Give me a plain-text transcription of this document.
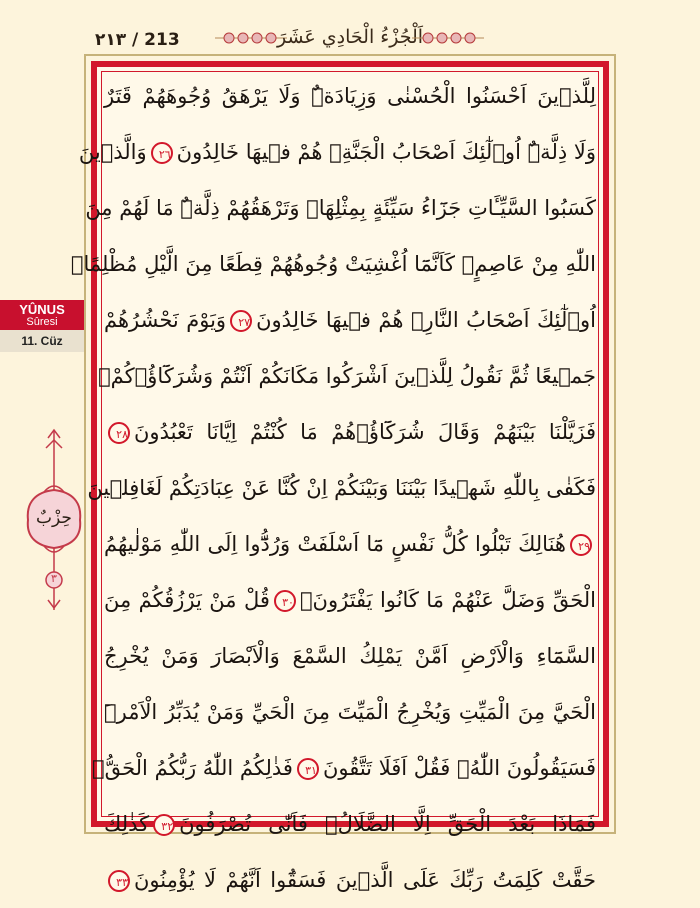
٢١٣ / 213	اَلْجُزْءُ الْحَادِي عَشَرَ
YÛNUS
Sûresi
11. Cüz
حِزْبٌ
٣
لِلَّذ۪ينَ اَحْسَنُوا الْحُسْنٰى وَزِيَادَةٌۜ وَلَا يَرْهَقُ وُجُوهَهُمْ قَتَرٌ
وَلَا ذِلَّةٌۜ اُو۬لٰٓئِكَ اَصْحَابُ الْجَنَّةِۚ هُمْ ف۪يهَا خَالِدُونَ٢٦وَالَّذ۪ينَ
كَسَبُوا السَّيِّـَٔاتِ جَزَٓاءُ سَيِّئَةٍ بِمِثْلِهَاۙ وَتَرْهَقُهُمْ ذِلَّةٌۜ مَا لَهُمْ مِنَ
اللّٰهِ مِنْ عَاصِمٍۚ كَاَنَّمَٓا اُغْشِيَتْ وُجُوهُهُمْ قِطَعًا مِنَ الَّيْلِ مُظْلِمًاۜ
اُو۬لٰٓئِكَ اَصْحَابُ النَّارِۚ هُمْ ف۪يهَا خَالِدُونَ٢٧وَيَوْمَ نَحْشُرُهُمْ
جَم۪يعًا ثُمَّ نَقُولُ لِلَّذ۪ينَ اَشْرَكُوا مَكَانَكُمْ اَنْتُمْ وَشُرَكَٓاؤُ۬كُمْۚ
فَزَيَّلْنَا بَيْنَهُمْ وَقَالَ شُرَكَٓاؤُ۬هُمْ مَا كُنْتُمْ اِيَّانَا تَعْبُدُونَ٢٨
فَكَفٰى بِاللّٰهِ شَه۪يدًا بَيْنَنَا وَبَيْنَكُمْ اِنْ كُنَّا عَنْ عِبَادَتِكُمْ لَغَافِل۪ينَ
٢٩هُنَالِكَ تَبْلُوا كُلُّ نَفْسٍ مَٓا اَسْلَفَتْ وَرُدُّٓوا اِلَى اللّٰهِ مَوْلٰيهُمُ
الْحَقِّ وَضَلَّ عَنْهُمْ مَا كَانُوا يَفْتَرُونَ۟٣٠قُلْ مَنْ يَرْزُقُكُمْ مِنَ
السَّمَٓاءِ وَالْاَرْضِ اَمَّنْ يَمْلِكُ السَّمْعَ وَالْاَبْصَارَ وَمَنْ يُخْرِجُ
الْحَيَّ مِنَ الْمَيِّتِ وَيُخْرِجُ الْمَيِّتَ مِنَ الْحَيِّ وَمَنْ يُدَبِّرُ الْاَمْرَۜ
فَسَيَقُولُونَ اللّٰهُۚ فَقُلْ اَفَلَا تَتَّقُونَ٣١فَذٰلِكُمُ اللّٰهُ رَبُّكُمُ الْحَقُّۚ
فَمَاذَا بَعْدَ الْحَقِّ اِلَّا الضَّلَالُۚ فَاَنّٰى تُصْرَفُونَ٣٢كَذٰلِكَ
حَقَّتْ كَلِمَتُ رَبِّكَ عَلَى الَّذ۪ينَ فَسَقُٓوا اَنَّهُمْ لَا يُؤْمِنُونَ٣٣
